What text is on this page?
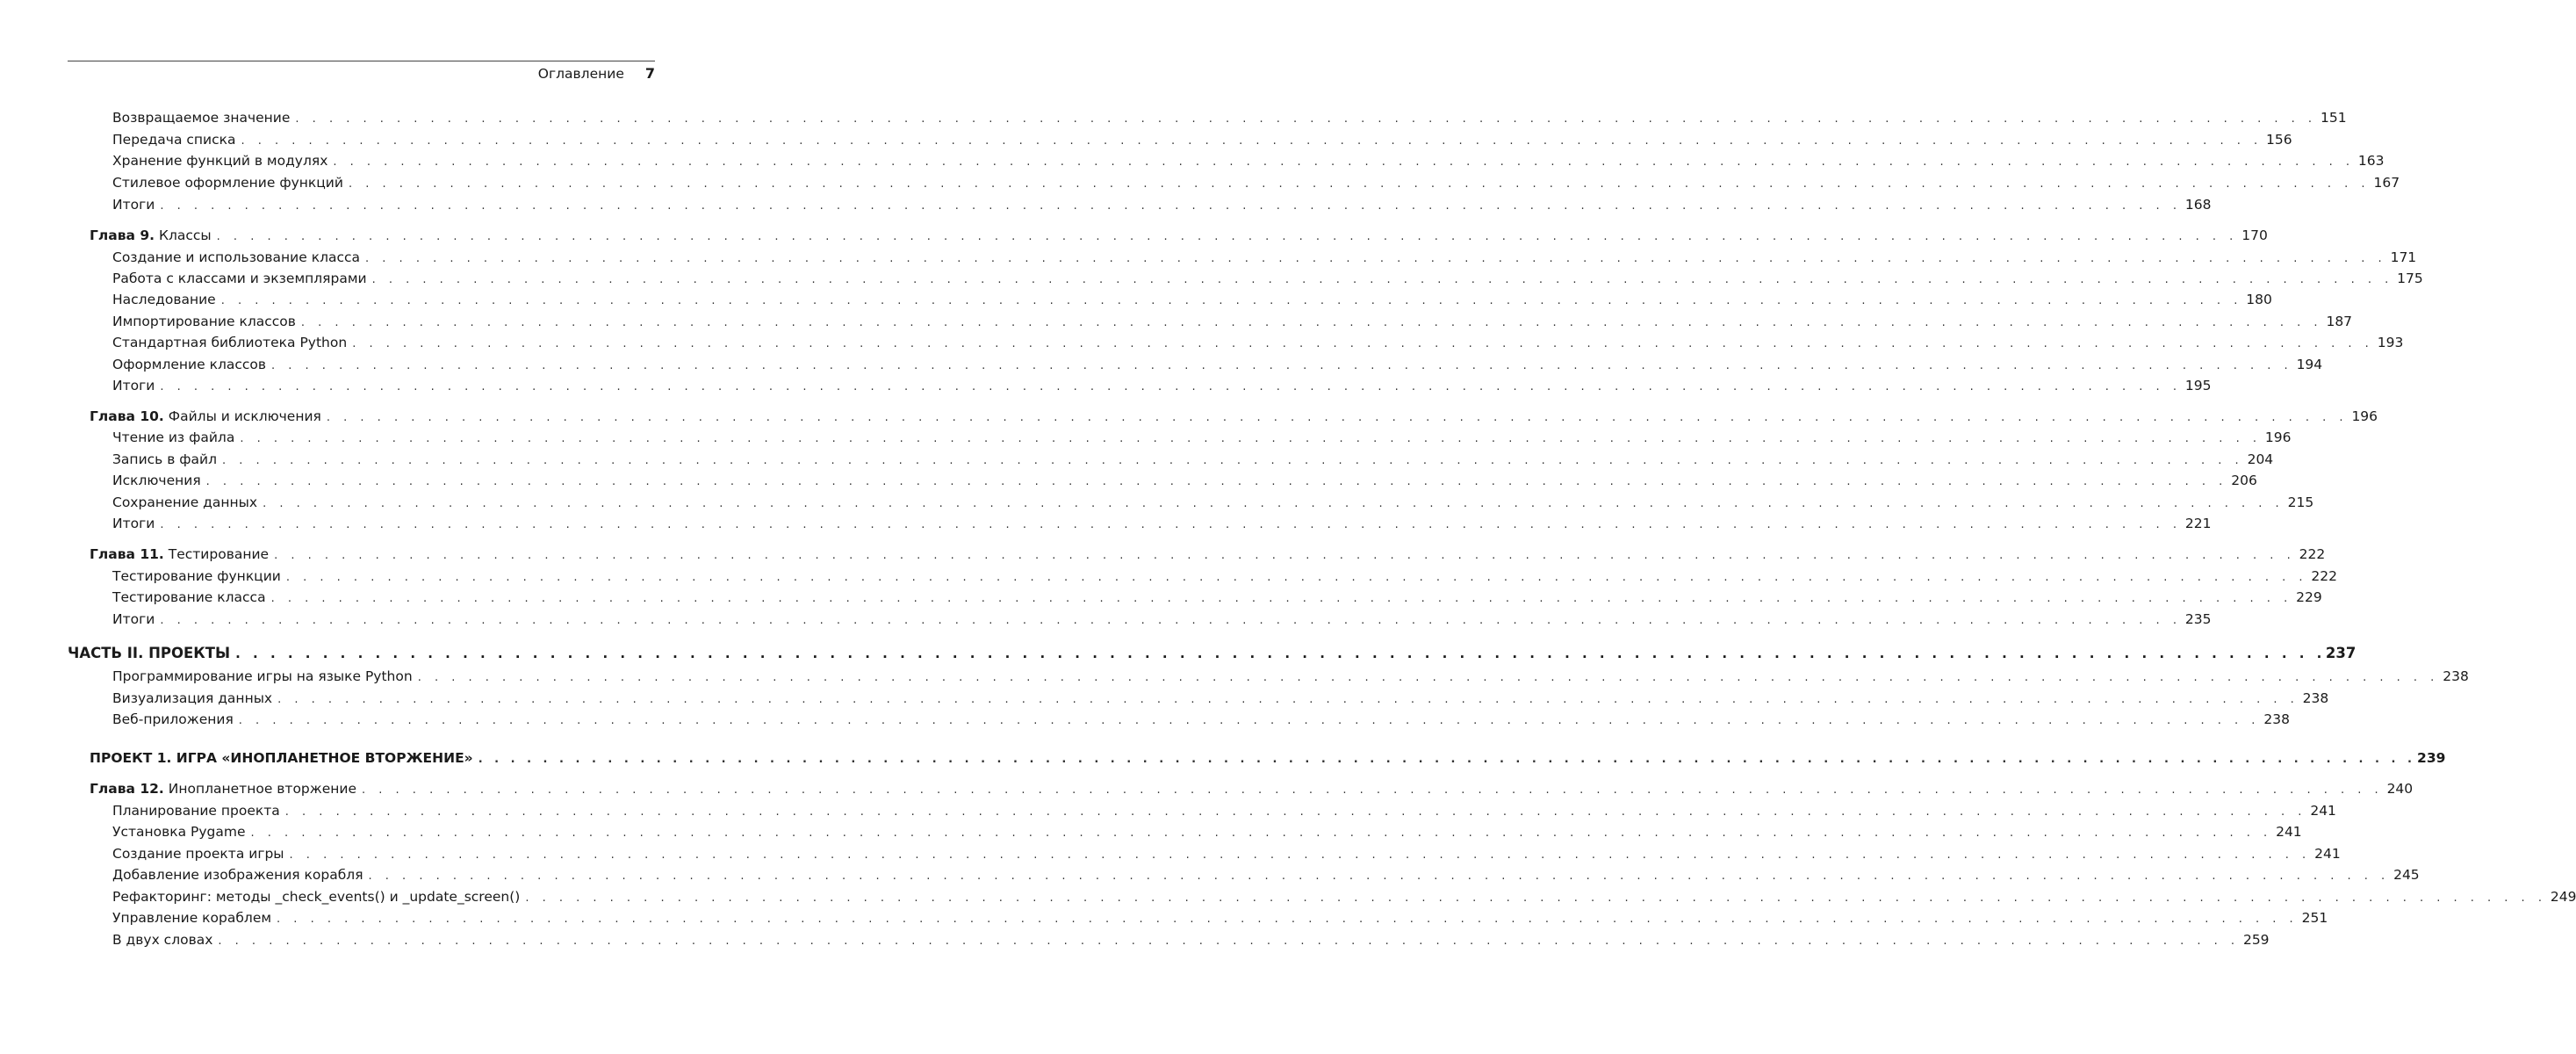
Оглавление 7
Возвращаемое значение . . . . . . . . . . . . . . . . . . . . . . . . . . . . . . . . . . . . . . . . . . . . . . . . . . . . . . . . . . . . . . . . . . . . . . . . . . . . . . . . . . . . . . . . . . . . . . . . . . . . . . . . . . . . . . . . . . . . . . . . 151
Передача списка . . . . . . . . . . . . . . . . . . . . . . . . . . . . . . . . . . . . . . . . . . . . . . . . . . . . . . . . . . . . . . . . . . . . . . . . . . . . . . . . . . . . . . . . . . . . . . . . . . . . . . . . . . . . . . . . . . . . . . . . 156
Хранение функций в модулях . . . . . . . . . . . . . . . . . . . . . . . . . . . . . . . . . . . . . . . . . . . . . . . . . . . . . . . . . . . . . . . . . . . . . . . . . . . . . . . . . . . . . . . . . . . . . . . . . . . . . . . . . . . . . . . . . . . . . . . . 163
Стилевое оформление функций . . . . . . . . . . . . . . . . . . . . . . . . . . . . . . . . . . . . . . . . . . . . . . . . . . . . . . . . . . . . . . . . . . . . . . . . . . . . . . . . . . . . . . . . . . . . . . . . . . . . . . . . . . . . . . . . . . . . . . . . 167
Итоги . . . . . . . . . . . . . . . . . . . . . . . . . . . . . . . . . . . . . . . . . . . . . . . . . . . . . . . . . . . . . . . . . . . . . . . . . . . . . . . . . . . . . . . . . . . . . . . . . . . . . . . . . . . . . . . . . . . . . . . . 168
Глава 9. Классы . . . . . . . . . . . . . . . . . . . . . . . . . . . . . . . . . . . . . . . . . . . . . . . . . . . . . . . . . . . . . . . . . . . . . . . . . . . . . . . . . . . . . . . . . . . . . . . . . . . . . . . . . . . . . . . . . . . . . . . . 170
Создание и использование класса . . . . . . . . . . . . . . . . . . . . . . . . . . . . . . . . . . . . . . . . . . . . . . . . . . . . . . . . . . . . . . . . . . . . . . . . . . . . . . . . . . . . . . . . . . . . . . . . . . . . . . . . . . . . . . . . . . . . . . . . 171
Работа с классами и экземплярами . . . . . . . . . . . . . . . . . . . . . . . . . . . . . . . . . . . . . . . . . . . . . . . . . . . . . . . . . . . . . . . . . . . . . . . . . . . . . . . . . . . . . . . . . . . . . . . . . . . . . . . . . . . . . . . . . . . . . . . . 175
Наследование . . . . . . . . . . . . . . . . . . . . . . . . . . . . . . . . . . . . . . . . . . . . . . . . . . . . . . . . . . . . . . . . . . . . . . . . . . . . . . . . . . . . . . . . . . . . . . . . . . . . . . . . . . . . . . . . . . . . . . . . 180
Импортирование классов . . . . . . . . . . . . . . . . . . . . . . . . . . . . . . . . . . . . . . . . . . . . . . . . . . . . . . . . . . . . . . . . . . . . . . . . . . . . . . . . . . . . . . . . . . . . . . . . . . . . . . . . . . . . . . . . . . . . . . . . 187
Стандартная библиотека Python . . . . . . . . . . . . . . . . . . . . . . . . . . . . . . . . . . . . . . . . . . . . . . . . . . . . . . . . . . . . . . . . . . . . . . . . . . . . . . . . . . . . . . . . . . . . . . . . . . . . . . . . . . . . . . . . . . . . . . . . 193
Оформление классов . . . . . . . . . . . . . . . . . . . . . . . . . . . . . . . . . . . . . . . . . . . . . . . . . . . . . . . . . . . . . . . . . . . . . . . . . . . . . . . . . . . . . . . . . . . . . . . . . . . . . . . . . . . . . . . . . . . . . . . . 194
Итоги . . . . . . . . . . . . . . . . . . . . . . . . . . . . . . . . . . . . . . . . . . . . . . . . . . . . . . . . . . . . . . . . . . . . . . . . . . . . . . . . . . . . . . . . . . . . . . . . . . . . . . . . . . . . . . . . . . . . . . . . 195
Глава 10. Файлы и исключения . . . . . . . . . . . . . . . . . . . . . . . . . . . . . . . . . . . . . . . . . . . . . . . . . . . . . . . . . . . . . . . . . . . . . . . . . . . . . . . . . . . . . . . . . . . . . . . . . . . . . . . . . . . . . . . . . . . . . . . . 196
Чтение из файла . . . . . . . . . . . . . . . . . . . . . . . . . . . . . . . . . . . . . . . . . . . . . . . . . . . . . . . . . . . . . . . . . . . . . . . . . . . . . . . . . . . . . . . . . . . . . . . . . . . . . . . . . . . . . . . . . . . . . . . . 196
Запись в файл . . . . . . . . . . . . . . . . . . . . . . . . . . . . . . . . . . . . . . . . . . . . . . . . . . . . . . . . . . . . . . . . . . . . . . . . . . . . . . . . . . . . . . . . . . . . . . . . . . . . . . . . . . . . . . . . . . . . . . . . 204
Исключения . . . . . . . . . . . . . . . . . . . . . . . . . . . . . . . . . . . . . . . . . . . . . . . . . . . . . . . . . . . . . . . . . . . . . . . . . . . . . . . . . . . . . . . . . . . . . . . . . . . . . . . . . . . . . . . . . . . . . . . . 206
Сохранение данных . . . . . . . . . . . . . . . . . . . . . . . . . . . . . . . . . . . . . . . . . . . . . . . . . . . . . . . . . . . . . . . . . . . . . . . . . . . . . . . . . . . . . . . . . . . . . . . . . . . . . . . . . . . . . . . . . . . . . . . . 215
Итоги . . . . . . . . . . . . . . . . . . . . . . . . . . . . . . . . . . . . . . . . . . . . . . . . . . . . . . . . . . . . . . . . . . . . . . . . . . . . . . . . . . . . . . . . . . . . . . . . . . . . . . . . . . . . . . . . . . . . . . . . 221
Глава 11. Тестирование . . . . . . . . . . . . . . . . . . . . . . . . . . . . . . . . . . . . . . . . . . . . . . . . . . . . . . . . . . . . . . . . . . . . . . . . . . . . . . . . . . . . . . . . . . . . . . . . . . . . . . . . . . . . . . . . . . . . . . . . 222
Тестирование функции . . . . . . . . . . . . . . . . . . . . . . . . . . . . . . . . . . . . . . . . . . . . . . . . . . . . . . . . . . . . . . . . . . . . . . . . . . . . . . . . . . . . . . . . . . . . . . . . . . . . . . . . . . . . . . . . . . . . . . . . 222
Тестирование класса . . . . . . . . . . . . . . . . . . . . . . . . . . . . . . . . . . . . . . . . . . . . . . . . . . . . . . . . . . . . . . . . . . . . . . . . . . . . . . . . . . . . . . . . . . . . . . . . . . . . . . . . . . . . . . . . . . . . . . . . 229
Итоги . . . . . . . . . . . . . . . . . . . . . . . . . . . . . . . . . . . . . . . . . . . . . . . . . . . . . . . . . . . . . . . . . . . . . . . . . . . . . . . . . . . . . . . . . . . . . . . . . . . . . . . . . . . . . . . . . . . . . . . . 235
ЧАСТЬ II. ПРОЕКТЫ . . . . . . . . . . . . . . . . . . . . . . . . . . . . . . . . . . . . . . . . . . . . . . . . . . . . . . . . . . . . . . . . . . . . . . . . . . . . . . . . . . . . . . . . . . . . . . . . . . . . . . . . . . . . . . . . . . . . . . . . 237
Программирование игры на языке Python . . . . . . . . . . . . . . . . . . . . . . . . . . . . . . . . . . . . . . . . . . . . . . . . . . . . . . . . . . . . . . . . . . . . . . . . . . . . . . . . . . . . . . . . . . . . . . . . . . . . . . . . . . . . . . . . . . . . . . . . 238
Визуализация данных . . . . . . . . . . . . . . . . . . . . . . . . . . . . . . . . . . . . . . . . . . . . . . . . . . . . . . . . . . . . . . . . . . . . . . . . . . . . . . . . . . . . . . . . . . . . . . . . . . . . . . . . . . . . . . . . . . . . . . . . 238
Веб-приложения . . . . . . . . . . . . . . . . . . . . . . . . . . . . . . . . . . . . . . . . . . . . . . . . . . . . . . . . . . . . . . . . . . . . . . . . . . . . . . . . . . . . . . . . . . . . . . . . . . . . . . . . . . . . . . . . . . . . . . . . 238
ПРОЕКТ 1. ИГРА «ИНОПЛАНЕТНОЕ ВТОРЖЕНИЕ» . . . . . . . . . . . . . . . . . . . . . . . . . . . . . . . . . . . . . . . . . . . . . . . . . . . . . . . . . . . . . . . . . . . . . . . . . . . . . . . . . . . . . . . . . . . . . . . . . . . . . . . . . . . . . . . . . . . . . . . . 239
Глава 12. Инопланетное вторжение . . . . . . . . . . . . . . . . . . . . . . . . . . . . . . . . . . . . . . . . . . . . . . . . . . . . . . . . . . . . . . . . . . . . . . . . . . . . . . . . . . . . . . . . . . . . . . . . . . . . . . . . . . . . . . . . . . . . . . . . 240
Планирование проекта . . . . . . . . . . . . . . . . . . . . . . . . . . . . . . . . . . . . . . . . . . . . . . . . . . . . . . . . . . . . . . . . . . . . . . . . . . . . . . . . . . . . . . . . . . . . . . . . . . . . . . . . . . . . . . . . . . . . . . . . 241
Установка Pygame . . . . . . . . . . . . . . . . . . . . . . . . . . . . . . . . . . . . . . . . . . . . . . . . . . . . . . . . . . . . . . . . . . . . . . . . . . . . . . . . . . . . . . . . . . . . . . . . . . . . . . . . . . . . . . . . . . . . . . . . 241
Создание проекта игры . . . . . . . . . . . . . . . . . . . . . . . . . . . . . . . . . . . . . . . . . . . . . . . . . . . . . . . . . . . . . . . . . . . . . . . . . . . . . . . . . . . . . . . . . . . . . . . . . . . . . . . . . . . . . . . . . . . . . . . . 241
Добавление изображения корабля . . . . . . . . . . . . . . . . . . . . . . . . . . . . . . . . . . . . . . . . . . . . . . . . . . . . . . . . . . . . . . . . . . . . . . . . . . . . . . . . . . . . . . . . . . . . . . . . . . . . . . . . . . . . . . . . . . . . . . . . 245
Рефакторинг: методы _check_events() и _update_screen() . . . . . . . . . . . . . . . . . . . . . . . . . . . . . . . . . . . . . . . . . . . . . . . . . . . . . . . . . . . . . . . . . . . . . . . . . . . . . . . . . . . . . . . . . . . . . . . . . . . . . . . . . . . . . . . . . . . . . . . . 249
Управление кораблем . . . . . . . . . . . . . . . . . . . . . . . . . . . . . . . . . . . . . . . . . . . . . . . . . . . . . . . . . . . . . . . . . . . . . . . . . . . . . . . . . . . . . . . . . . . . . . . . . . . . . . . . . . . . . . . . . . . . . . . . 251
В двух словах . . . . . . . . . . . . . . . . . . . . . . . . . . . . . . . . . . . . . . . . . . . . . . . . . . . . . . . . . . . . . . . . . . . . . . . . . . . . . . . . . . . . . . . . . . . . . . . . . . . . . . . . . . . . . . . . . . . . . . . . 259
